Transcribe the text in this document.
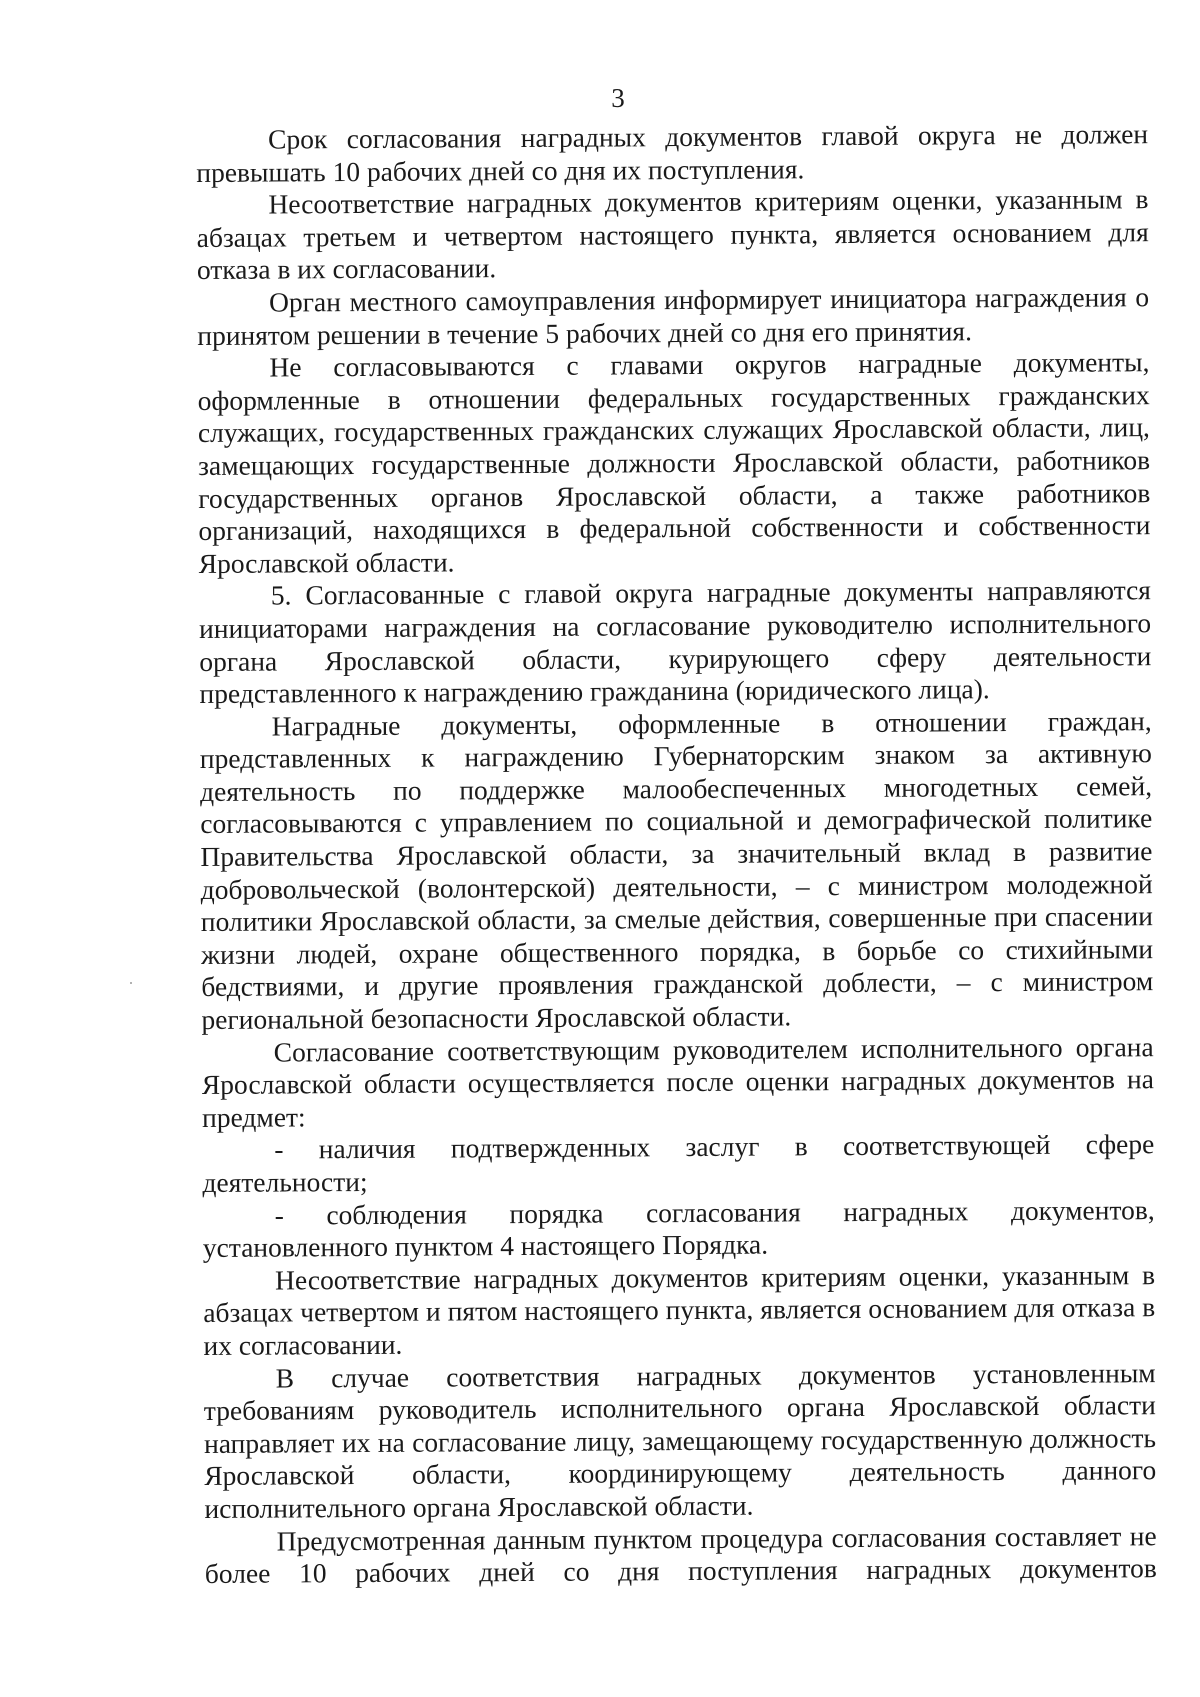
3

Срок согласования наградных документов главой округа не должен превышать 10 рабочих дней со дня их поступления.

Несоответствие наградных документов критериям оценки, указанным в абзацах третьем и четвертом настоящего пункта, является основанием для отказа в их согласовании.

Орган местного самоуправления информирует инициатора награждения о принятом решении в течение 5 рабочих дней со дня его принятия.

Не согласовываются с главами округов наградные документы, оформленные в отношении федеральных государственных гражданских служащих, государственных гражданских служащих Ярославской области, лиц, замещающих государственные должности Ярославской области, работников государственных органов Ярославской области, а также работников организаций, находящихся в федеральной собственности и собственности Ярославской области.

5. Согласованные с главой округа наградные документы направляются инициаторами награждения на согласование руководителю исполнительного органа Ярославской области, курирующего сферу деятельности представленного к награждению гражданина (юридического лица).

Наградные документы, оформленные в отношении граждан, представленных к награждению Губернаторским знаком за активную деятельность по поддержке малообеспеченных многодетных семей, согласовываются с управлением по социальной и демографической политике Правительства Ярославской области, за значительный вклад в развитие добровольческой (волонтерской) деятельности, – с министром молодежной политики Ярославской области, за смелые действия, совершенные при спасении жизни людей, охране общественного порядка, в борьбе со стихийными бедствиями, и другие проявления гражданской доблести, – с министром региональной безопасности Ярославской области.

Согласование соответствующим руководителем исполнительного органа Ярославской области осуществляется после оценки наградных документов на предмет:

- наличия подтвержденных заслуг в соответствующей сфере деятельности;

- соблюдения порядка согласования наградных документов, установленного пунктом 4 настоящего Порядка.

Несоответствие наградных документов критериям оценки, указанным в абзацах четвертом и пятом настоящего пункта, является основанием для отказа в их согласовании.

В случае соответствия наградных документов установленным требованиям руководитель исполнительного органа Ярославской области направляет их на согласование лицу, замещающему государственную должность Ярославской области, координирующему деятельность данного исполнительного органа Ярославской области.

Предусмотренная данным пунктом процедура согласования составляет не более 10 рабочих дней со дня поступления наградных документов
